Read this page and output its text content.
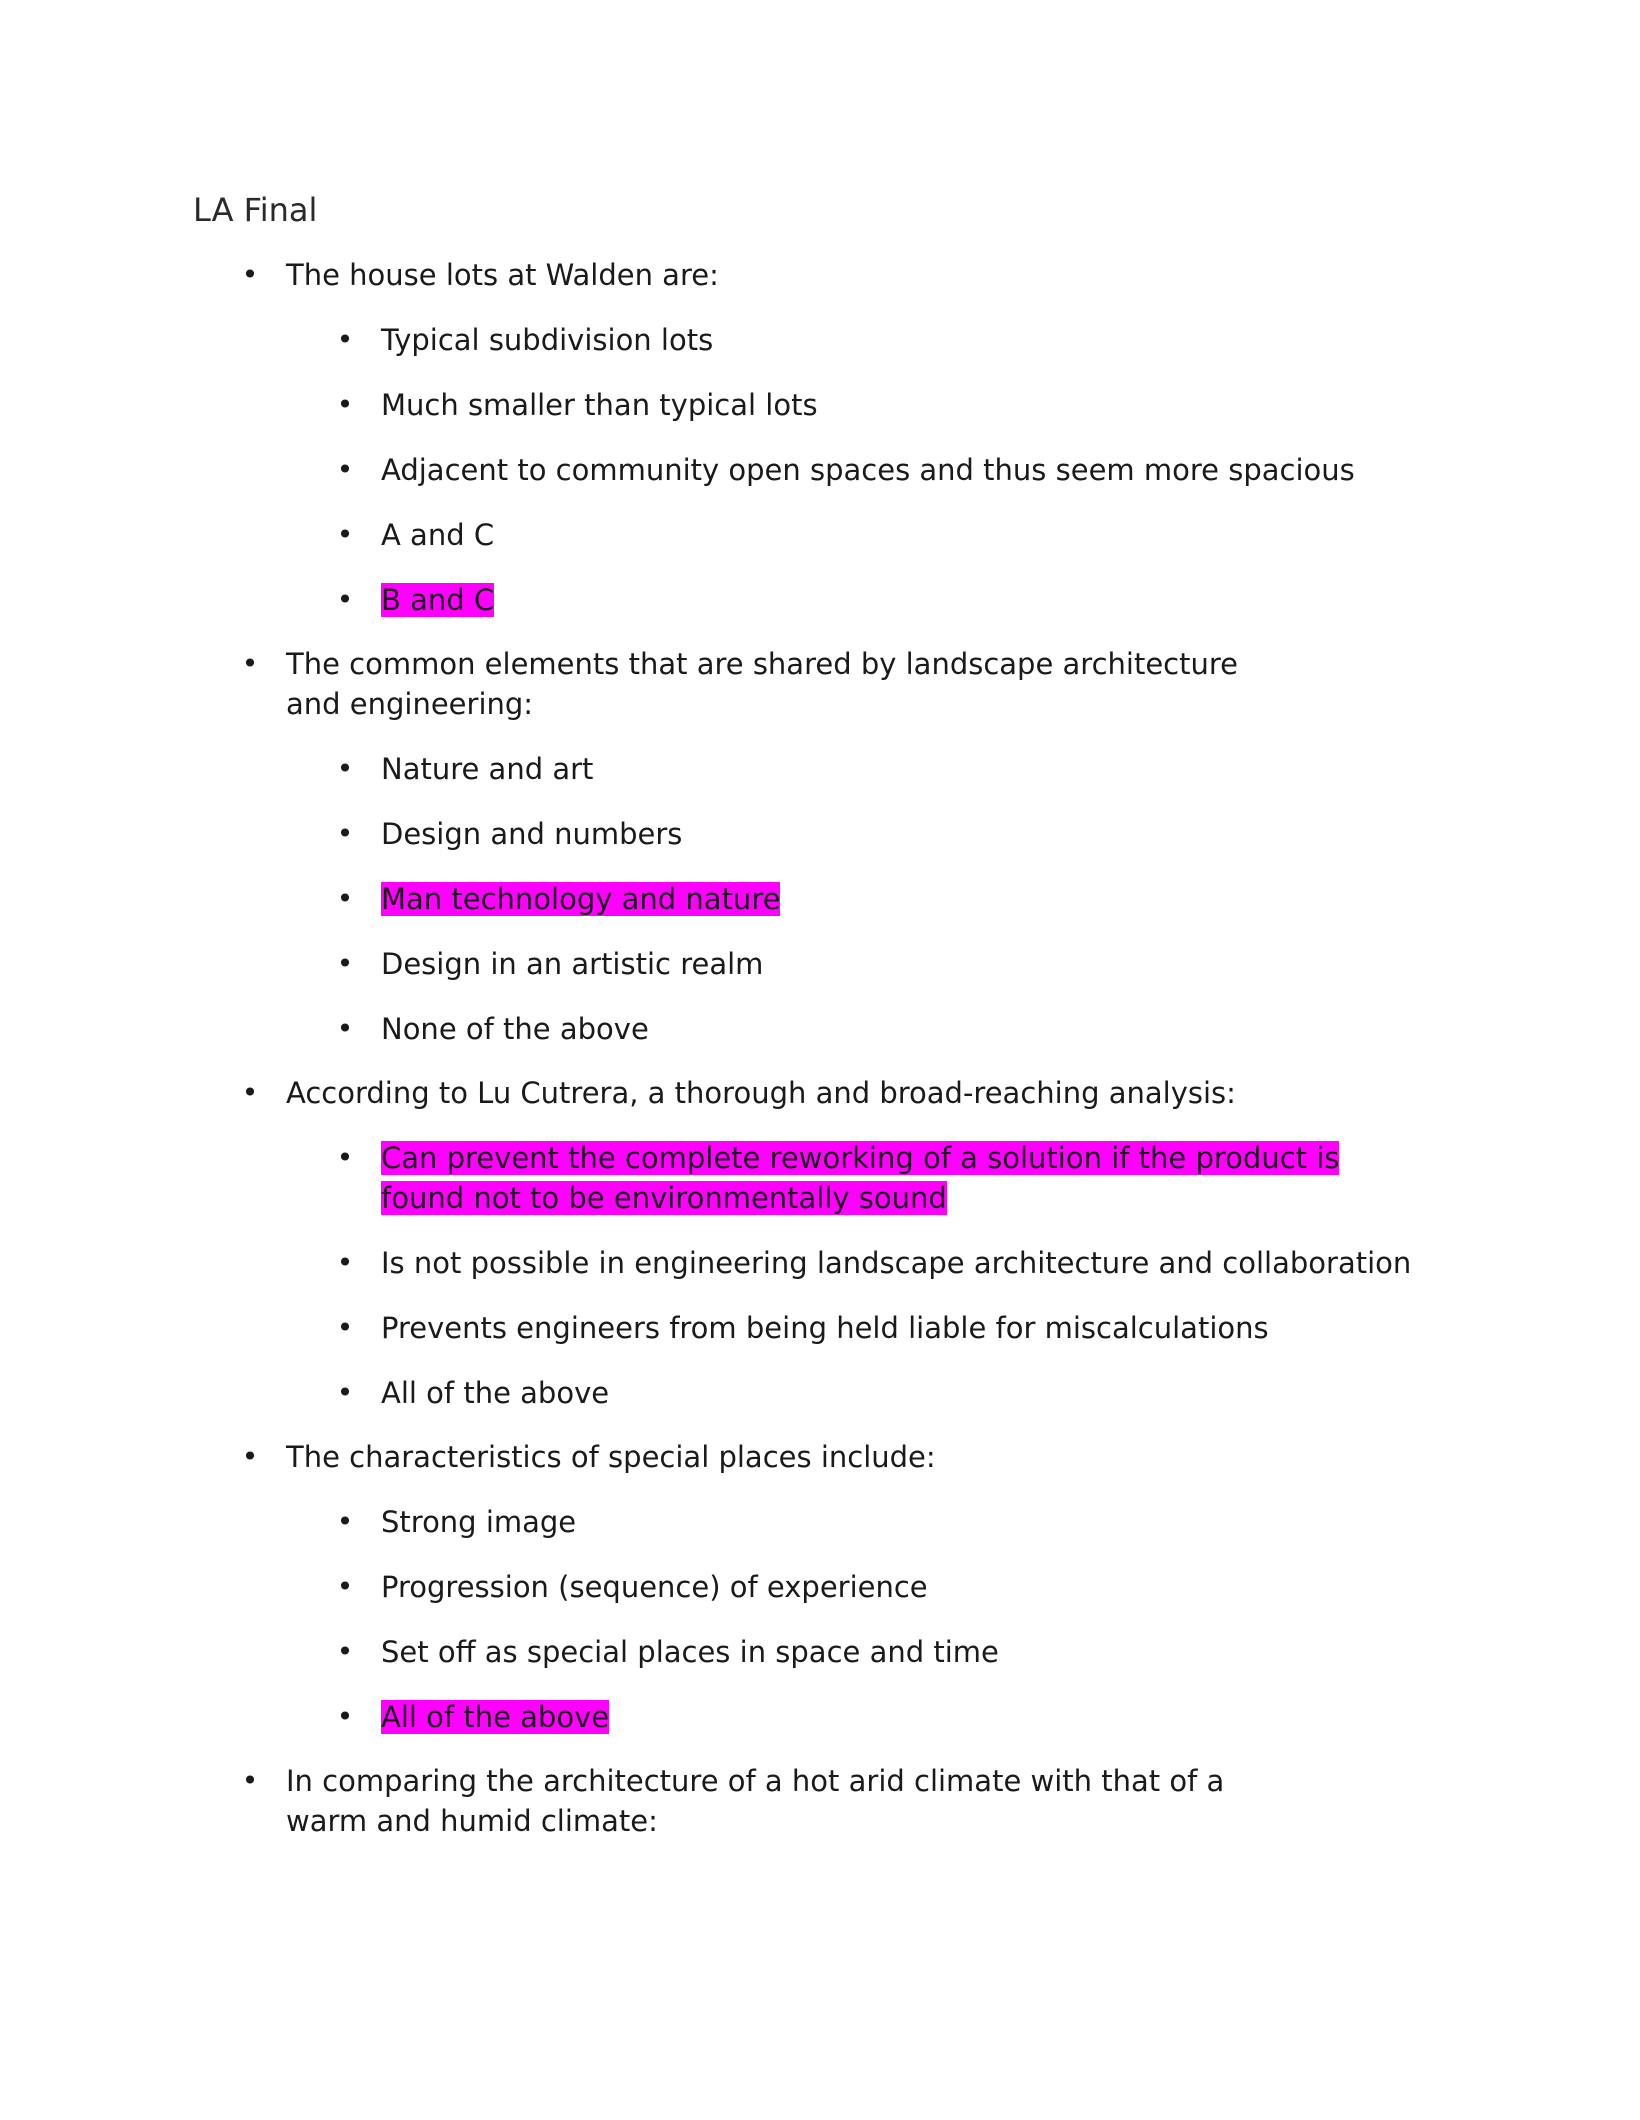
LA Final
• The house lots at Walden are:
• Typical subdivision lots
• Much smaller than typical lots
• Adjacent to community open spaces and thus seem more spacious
• A and C
• B and C
• The common elements that are shared by landscape architecture and engineering:
• Nature and art
• Design and numbers
• Man technology and nature
• Design in an artistic realm
• None of the above
• According to Lu Cutrera, a thorough and broad-reaching analysis:
• Can prevent the complete reworking of a solution if the product is found not to be environmentally sound
• Is not possible in engineering landscape architecture and collaboration
• Prevents engineers from being held liable for miscalculations
• All of the above
• The characteristics of special places include:
• Strong image
• Progression (sequence) of experience
• Set off as special places in space and time
• All of the above
• In comparing the architecture of a hot arid climate with that of a warm and humid climate:
